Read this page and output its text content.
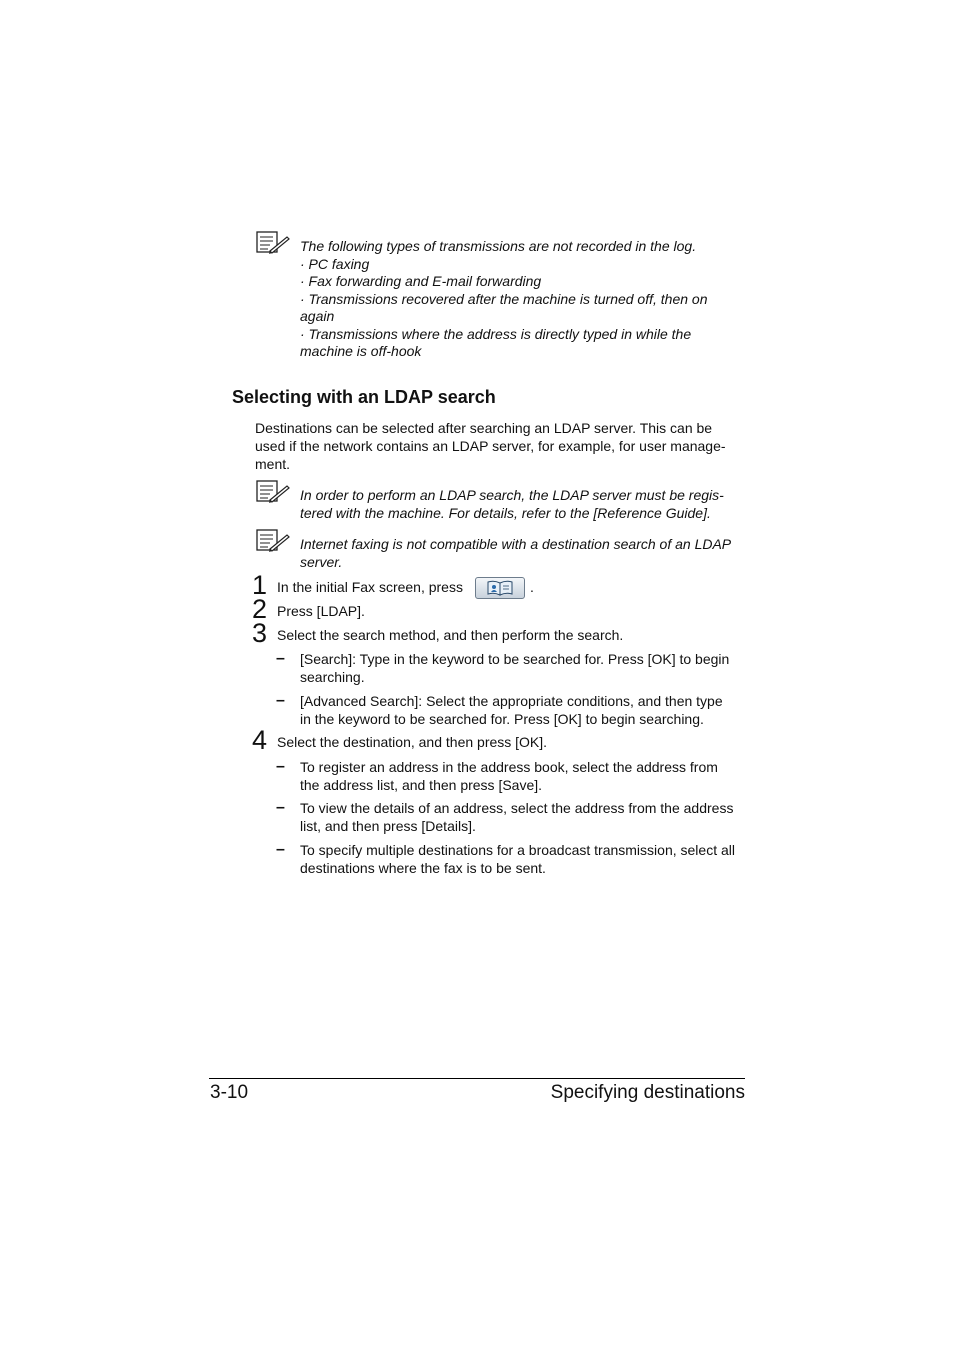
The following types of transmissions are not recorded in the log.
· PC faxing
· Fax forwarding and E-mail forwarding
· Transmissions recovered after the machine is turned off, then on
again
· Transmissions where the address is directly typed in while the
machine is off-hook
Selecting with an LDAP search
Destinations can be selected after searching an LDAP server. This can be
used if the network contains an LDAP server, for example, for user manage-
ment.
In order to perform an LDAP search, the LDAP server must be regis-
tered with the machine. For details, refer to the [Reference Guide].
Internet faxing is not compatible with a destination search of an LDAP
server.
1 In the initial Fax screen, press	.
2 Press [LDAP].
3 Select the search method, and then perform the search.
– [Search]: Type in the keyword to be searched for. Press [OK] to begin
searching.
– [Advanced Search]: Select the appropriate conditions, and then type
in the keyword to be searched for. Press [OK] to begin searching.
4 Select the destination, and then press [OK].
– To register an address in the address book, select the address from
the address list, and then press [Save].
– To view the details of an address, select the address from the address
list, and then press [Details].
– To specify multiple destinations for a broadcast transmission, select all
destinations where the fax is to be sent.
3-10	Specifying destinations
